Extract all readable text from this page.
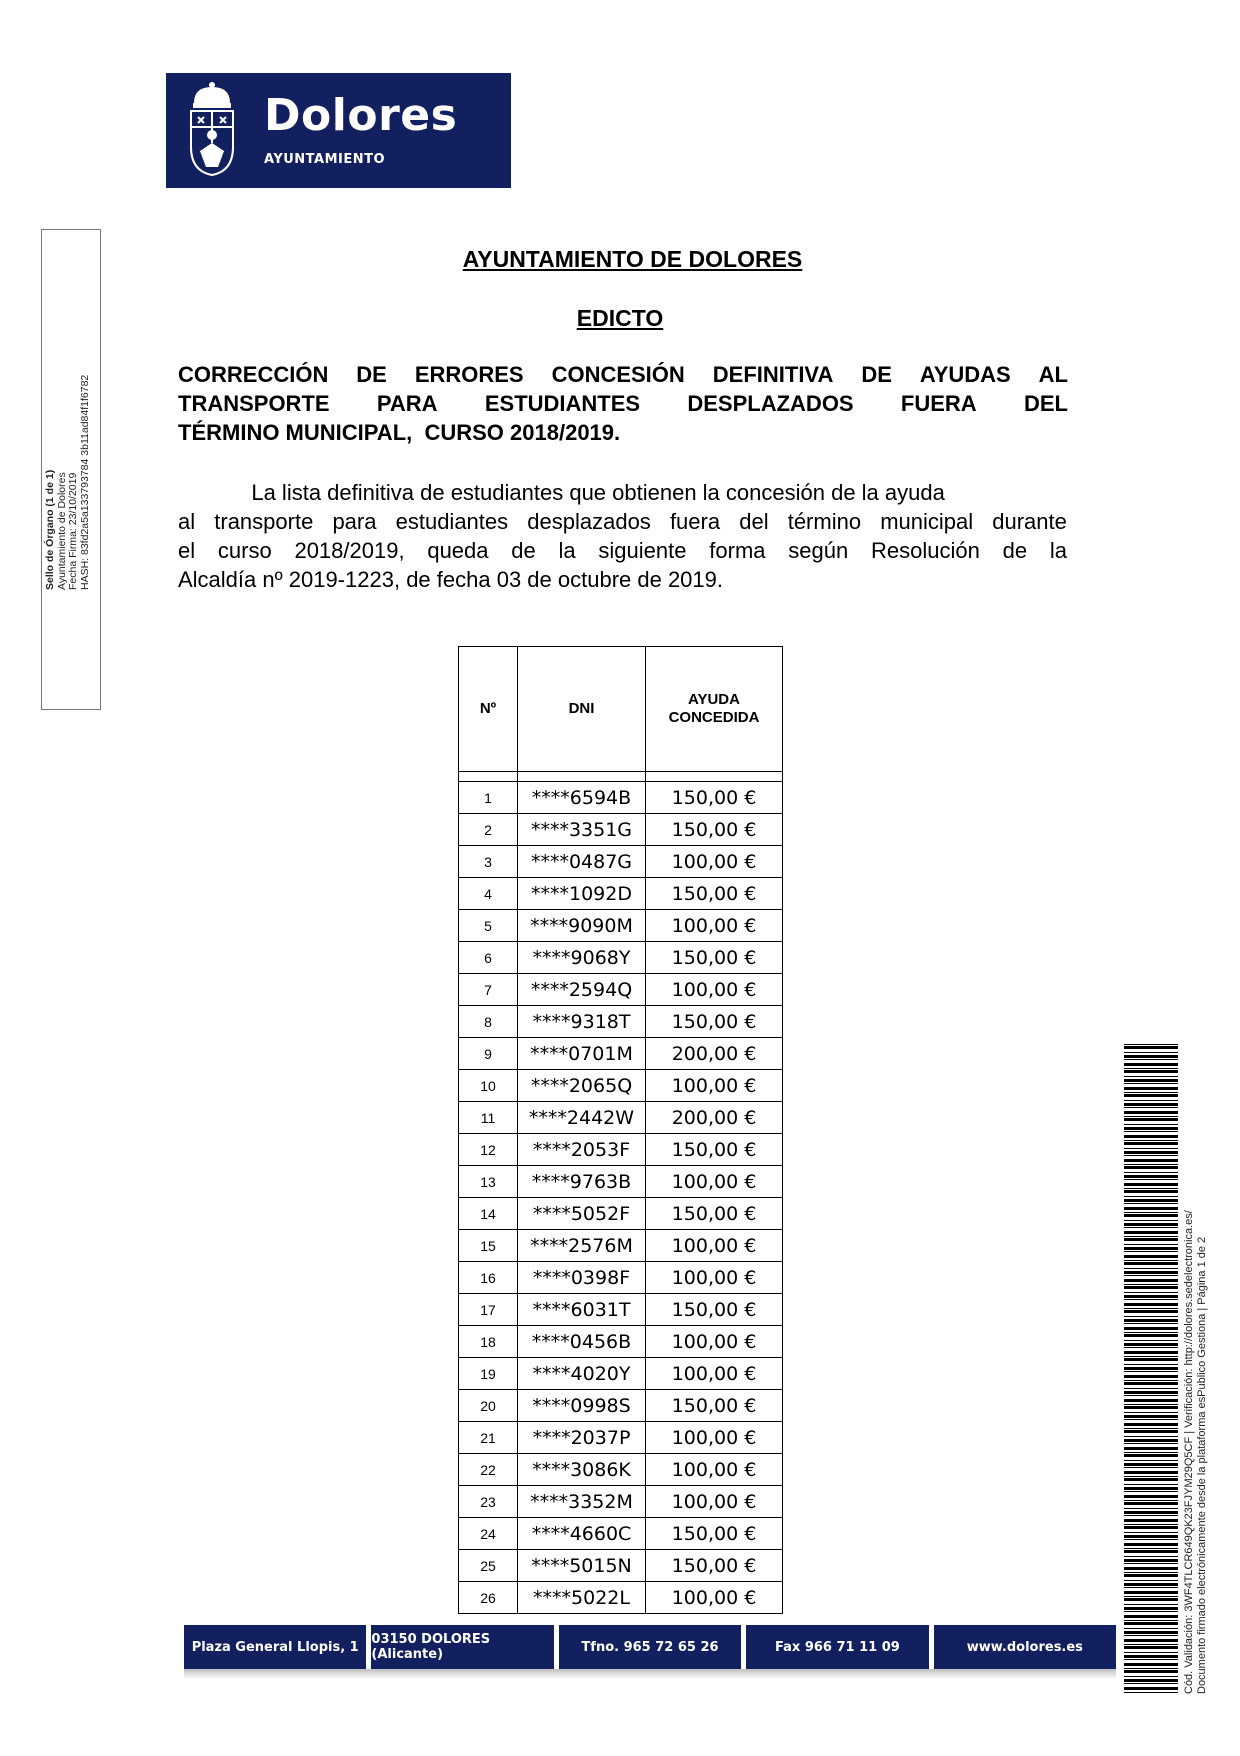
Dolores
AYUNTAMIENTO
Sello de Órgano (1 de 1) Ayuntamiento de Dolores Fecha Firma: 23/10/2019 HASH: 83fd2a5a133793784 3b11ad84f1f6782
AYUNTAMIENTO DE DOLORES
EDICTO
CORRECCIÓN DE ERRORES CONCESIÓN DEFINITIVA DE AYUDAS AL
TRANSPORTE PARA ESTUDIANTES DESPLAZADOS FUERA DEL
TÉRMINO MUNICIPAL,  CURSO 2018/2019.
La lista definitiva de estudiantes que obtienen la concesión de la ayuda
al transporte para estudiantes desplazados fuera del término municipal durante
el curso 2018/2019, queda de la siguiente forma según Resolución de la
Alcaldía nº 2019-1223, de fecha 03 de octubre de 2019.
Nº	DNI	AYUDA
CONCEDIDA

1	****6594B	150,00 €
2	****3351G	150,00 €
3	****0487G	100,00 €
4	****1092D	150,00 €
5	****9090M	100,00 €
6	****9068Y	150,00 €
7	****2594Q	100,00 €
8	****9318T	150,00 €
9	****0701M	200,00 €
10	****2065Q	100,00 €
11	****2442W	200,00 €
12	****2053F	150,00 €
13	****9763B	100,00 €
14	****5052F	150,00 €
15	****2576M	100,00 €
16	****0398F	100,00 €
17	****6031T	150,00 €
18	****0456B	100,00 €
19	****4020Y	100,00 €
20	****0998S	150,00 €
21	****2037P	100,00 €
22	****3086K	100,00 €
23	****3352M	100,00 €
24	****4660C	150,00 €
25	****5015N	150,00 €
26	****5022L	100,00 €
Plaza General Llopis, 1 03150 DOLORES (Alicante)	Tfno. 965 72 65 26	Fax 966 71 11 09	www.dolores.es	Cód. Validación: 3WF4TLCR649QK23FJYM29Q5CF | Verificación: http://dolores.sedelectronica.es/ Documento firmado electrónicamente desde la plataforma esPublico Gestiona | Página 1 de 2
